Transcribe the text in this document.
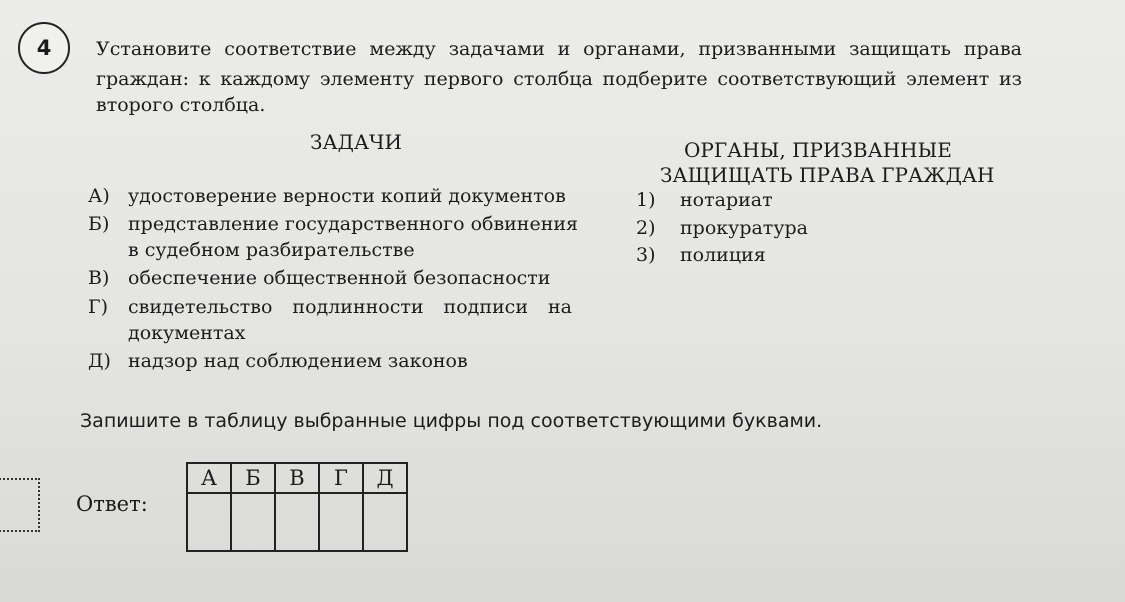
4 Установите соответствие между задачами и органами, призванными защищать права
граждан: к каждому элементу первого столбца подберите соответствующий элемент из
второго столбца.
ЗАДАЧИ	ОРГАНЫ, ПРИЗВАННЫЕ
ЗАЩИЩАТЬ ПРАВА ГРАЖДАН
А) удостоверение верности копий документов
Б) представление государственного обвинения
в судебном разбирательстве
В) обеспечение общественной безопасности
Г) свидетельство подлинности подписи на
документах
Д) надзор над соблюдением законов
1) нотариат
2) прокуратура
3) полиция
Запишите в таблицу выбранные цифры под соответствующими буквами.
Ответ:
А	Б	В	Г	Д
